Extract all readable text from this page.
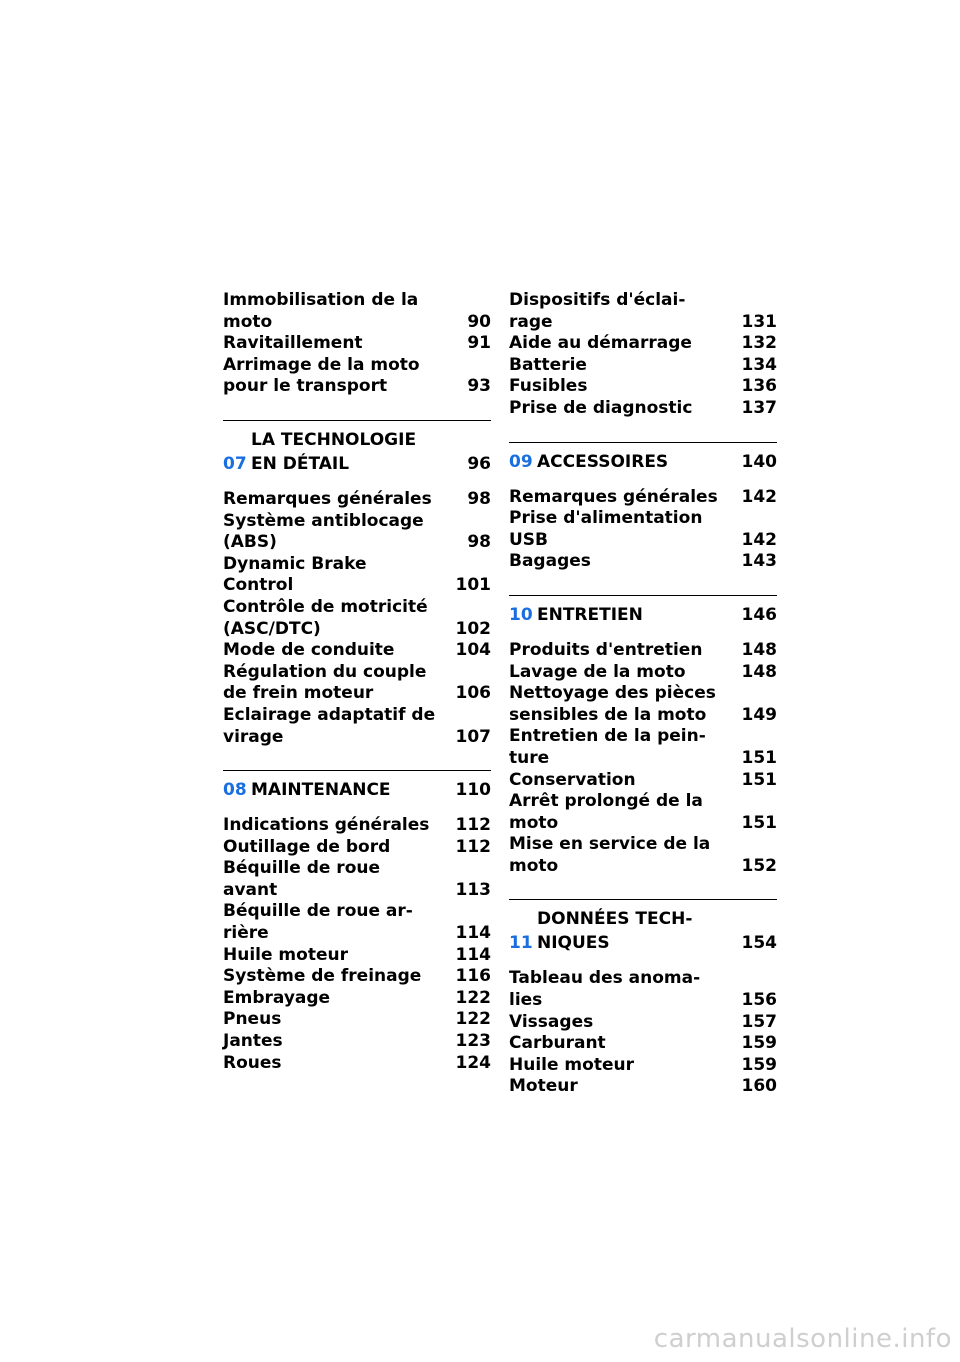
Immobilisation de la
moto	90
Ravitaillement	91
Arrimage de la moto
pour le transport	93
07
LA TECHNOLOGIE
EN DÉTAIL	96
Remarques générales	98
Système antiblocage
(ABS)	98
Dynamic Brake
Control	101
Contrôle de motricité
(ASC/DTC)	102
Mode de conduite	104
Régulation du couple
de frein moteur	106
Eclairage adaptatif de
virage	107
08 MAINTENANCE	110
Indications générales	112
Outillage de bord	112
Béquille de roue
avant	113
Béquille de roue ar-
rière	114
Huile moteur	114
Système de freinage	116
Embrayage	122
Pneus	122
Jantes	123
Roues	124
Dispositifs d'éclai-
rage	131
Aide au démarrage	132
Batterie	134
Fusibles	136
Prise de diagnostic	137
09 ACCESSOIRES	140
Remarques générales	142
Prise d'alimentation
USB	142
Bagages	143
10 ENTRETIEN	146
Produits d'entretien	148
Lavage de la moto	148
Nettoyage des pièces
sensibles de la moto	149
Entretien de la pein-
ture	151
Conservation	151
Arrêt prolongé de la
moto	151
Mise en service de la
moto	152
11
DONNÉES TECH-
NIQUES	154
Tableau des anoma-
lies	156
Vissages	157
Carburant	159
Huile moteur	159
Moteur	160
carmanualsonline.info
